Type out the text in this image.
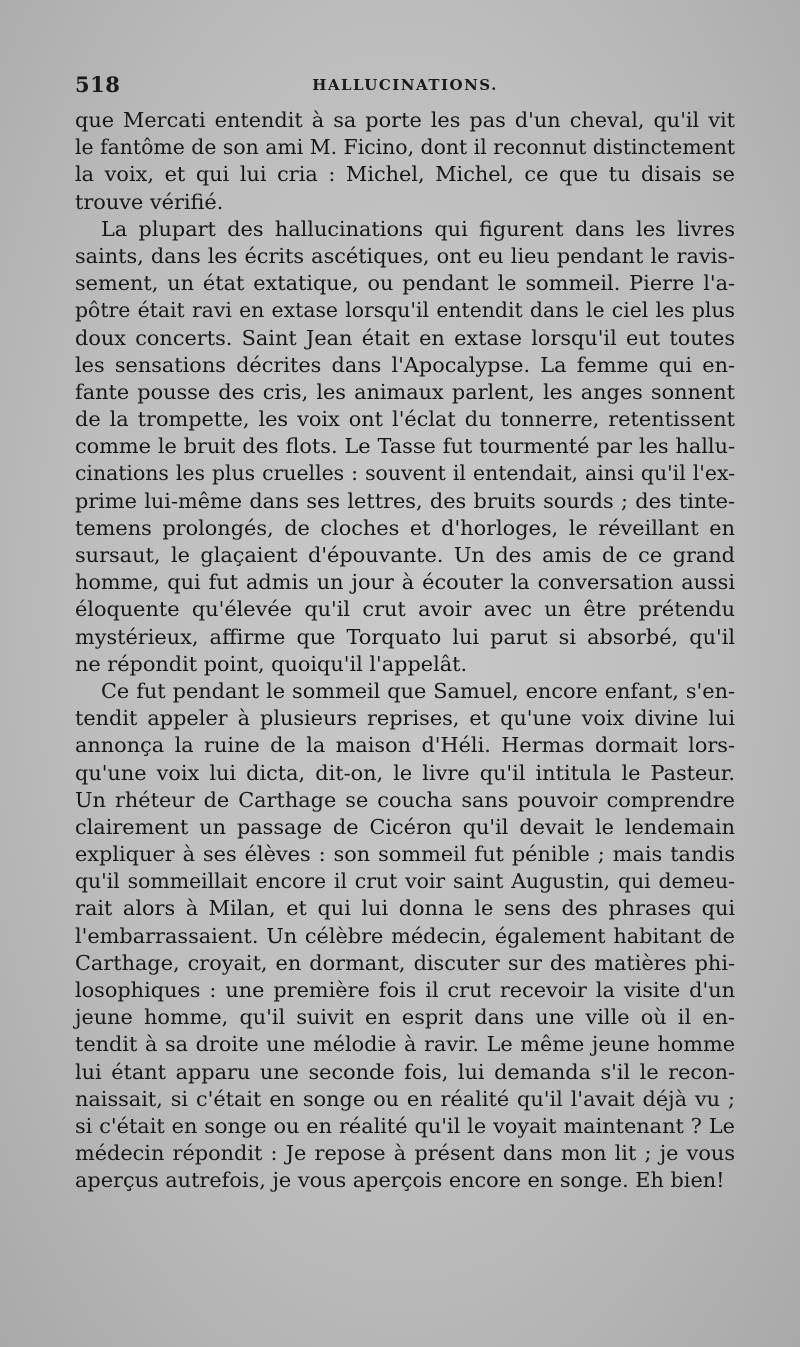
518	HALLUCINATIONS.
que Mercati entendit à sa porte les pas d'un cheval, qu'il vit
le fantôme de son ami M. Ficino, dont il reconnut distinctement
la voix, et qui lui cria : Michel, Michel, ce que tu disais se
trouve vérifié.
La plupart des hallucinations qui figurent dans les livres
saints, dans les écrits ascétiques, ont eu lieu pendant le ravis-
sement, un état extatique, ou pendant le sommeil. Pierre l'a-
pôtre était ravi en extase lorsqu'il entendit dans le ciel les plus
doux concerts. Saint Jean était en extase lorsqu'il eut toutes
les sensations décrites dans l'Apocalypse. La femme qui en-
fante pousse des cris, les animaux parlent, les anges sonnent
de la trompette, les voix ont l'éclat du tonnerre, retentissent
comme le bruit des flots. Le Tasse fut tourmenté par les hallu-
cinations les plus cruelles : souvent il entendait, ainsi qu'il l'ex-
prime lui-même dans ses lettres, des bruits sourds ; des tinte-
temens prolongés, de cloches et d'horloges, le réveillant en
sursaut, le glaçaient d'épouvante. Un des amis de ce grand
homme, qui fut admis un jour à écouter la conversation aussi
éloquente qu'élevée qu'il crut avoir avec un être prétendu
mystérieux, affirme que Torquato lui parut si absorbé, qu'il
ne répondit point, quoiqu'il l'appelât.
Ce fut pendant le sommeil que Samuel, encore enfant, s'en-
tendit appeler à plusieurs reprises, et qu'une voix divine lui
annonça la ruine de la maison d'Héli. Hermas dormait lors-
qu'une voix lui dicta, dit-on, le livre qu'il intitula le Pasteur.
Un rhéteur de Carthage se coucha sans pouvoir comprendre
clairement un passage de Cicéron qu'il devait le lendemain
expliquer à ses élèves : son sommeil fut pénible ; mais tandis
qu'il sommeillait encore il crut voir saint Augustin, qui demeu-
rait alors à Milan, et qui lui donna le sens des phrases qui
l'embarrassaient. Un célèbre médecin, également habitant de
Carthage, croyait, en dormant, discuter sur des matières phi-
losophiques : une première fois il crut recevoir la visite d'un
jeune homme, qu'il suivit en esprit dans une ville où il en-
tendit à sa droite une mélodie à ravir. Le même jeune homme
lui étant apparu une seconde fois, lui demanda s'il le recon-
naissait, si c'était en songe ou en réalité qu'il l'avait déjà vu ;
si c'était en songe ou en réalité qu'il le voyait maintenant ? Le
médecin répondit : Je repose à présent dans mon lit ; je vous
aperçus autrefois, je vous aperçois encore en songe. Eh bien!
